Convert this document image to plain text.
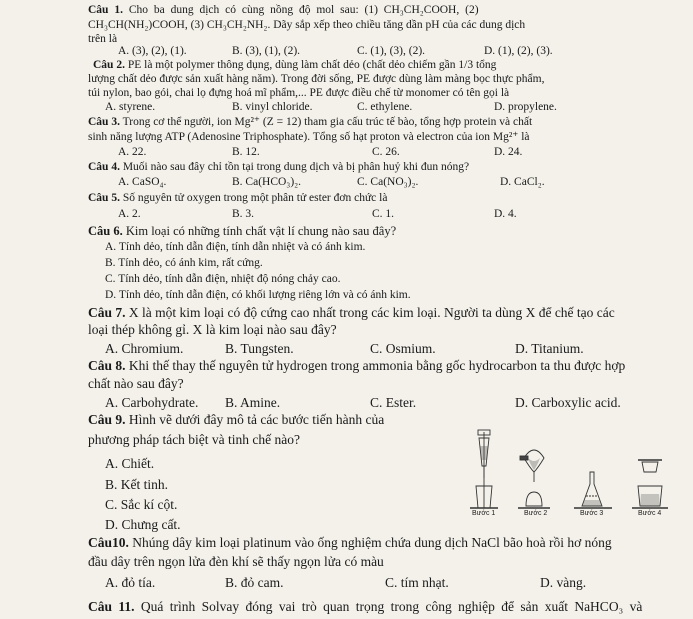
Câu 1. Cho ba dung dịch có cùng nồng độ mol sau: (1) CH₃CH₂COOH, (2)
CH₃CH(NH₂)COOH, (3) CH₃CH₂NH₂. Dãy sắp xếp theo chiều tăng dần pH của các dung dịch
trên là
A. (3), (2), (1).	B. (3), (1), (2).	C. (1), (3), (2).	D. (1), (2), (3).
Câu 2. PE là một polymer thông dụng, dùng làm chất dẻo (chất dẻo chiếm gần 1/3 tổng
lượng chất dẻo được sản xuất hàng năm). Trong đời sống, PE được dùng làm màng bọc thực phẩm,
túi nylon, bao gói, chai lọ đựng hoá mĩ phẩm,... PE được điều chế từ monomer có tên gọi là
A. styrene.	B. vinyl chloride.	C. ethylene.	D. propylene.
Câu 3. Trong cơ thể người, ion Mg²⁺ (Z = 12) tham gia cấu trúc tế bào, tổng hợp protein và chất
sinh năng lượng ATP (Adenosine Triphosphate). Tổng số hạt proton và electron của ion Mg²⁺ là
A. 22.	B. 12.	C. 26.	D. 24.
Câu 4. Muối nào sau đây chỉ tồn tại trong dung dịch và bị phân huỷ khi đun nóng?
A. CaSO₄.	B. Ca(HCO₃)₂.	C. Ca(NO₃)₂.	D. CaCl₂.
Câu 5. Số nguyên tử oxygen trong một phân tử ester đơn chức là
A. 2.	B. 3.	C. 1.	D. 4.
Câu 6. Kim loại có những tính chất vật lí chung nào sau đây?
A. Tính dẻo, tính dẫn điện, tính dẫn nhiệt và có ánh kim.
B. Tính dẻo, có ánh kim, rất cứng.
C. Tính dẻo, tính dẫn điện, nhiệt độ nóng chảy cao.
D. Tính dẻo, tính dẫn điện, có khối lượng riêng lớn và có ánh kim.
Câu 7. X là một kim loại có độ cứng cao nhất trong các kim loại. Người ta dùng X để chế tạo các
loại thép không gỉ. X là kim loại nào sau đây?
A. Chromium.	B. Tungsten.	C. Osmium.	D. Titanium.
Câu 8. Khi thế thay thế nguyên tử hydrogen trong ammonia bằng gốc hydrocarbon ta thu được hợp
chất nào sau đây?
A. Carbohydrate. B. Amine.	C. Ester.	D. Carboxylic acid.
Câu 9. Hình vẽ dưới đây mô tả các bước tiến hành của
phương pháp tách biệt và tinh chế nào?
A. Chiết.
B. Kết tinh.
C. Sắc kí cột.
D. Chưng cất.
Bước 1	Bước 2	Bước 3	Bước 4
Câu10. Nhúng dây kim loại platinum vào ống nghiệm chứa dung dịch NaCl bão hoà rồi hơ nóng
đầu dây trên ngọn lửa đèn khí sẽ thấy ngọn lửa có màu
A. đỏ tía.	B. đỏ cam.	C. tím nhạt.	D. vàng.
Câu 11. Quá trình Solvay đóng vai trò quan trọng trong công nghiệp để sản xuất NaHCO₃ và
